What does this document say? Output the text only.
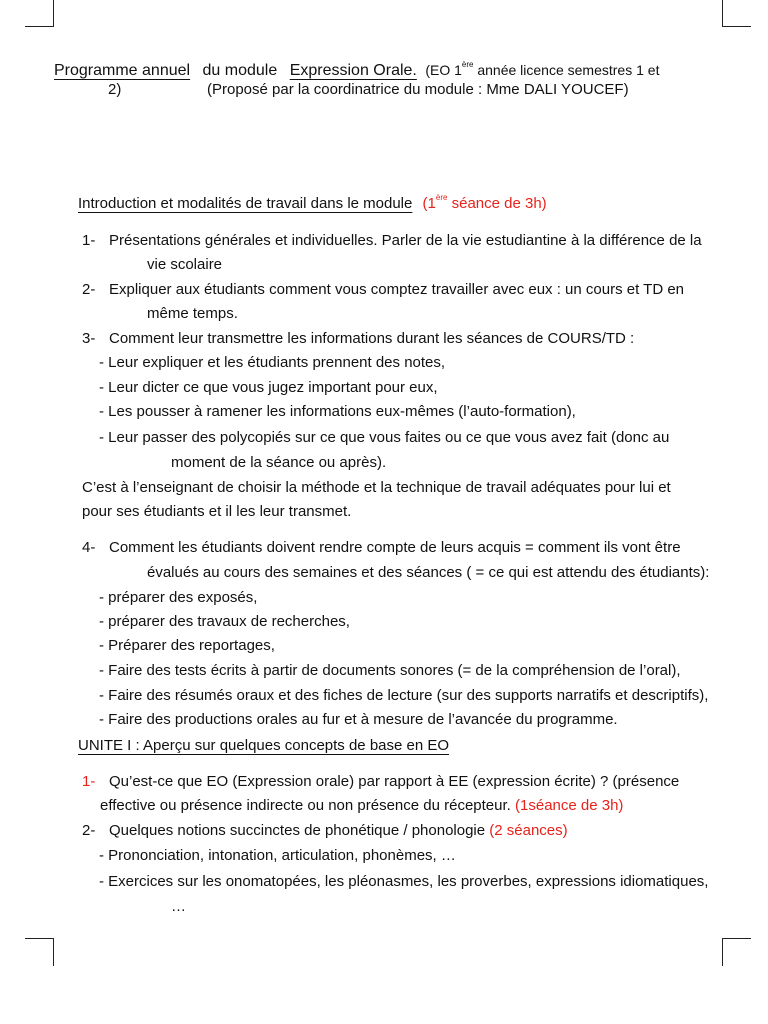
Programme annuel du module Expression Orale. (EO 1ère année licence semestres 1 et
2)	(Proposé par la coordinatrice du module : Mme DALI YOUCEF)
Introduction et modalités de travail dans le module (1ère séance de 3h)
1- Présentations générales et individuelles. Parler de la vie estudiantine à la différence de la
vie scolaire
2- Expliquer aux étudiants comment vous comptez travailler avec eux : un cours et TD en
même temps.
3- Comment leur transmettre les informations durant les séances de COURS/TD :
- Leur expliquer et les étudiants prennent des notes,
- Leur dicter ce que vous jugez important pour eux,
- Les pousser à ramener les informations eux-mêmes (l’auto-formation),
- Leur passer des polycopiés sur ce que vous faites ou ce que vous avez fait (donc au
moment de la séance ou après).
C’est à l’enseignant de choisir la méthode et la technique de travail adéquates pour lui et
pour ses étudiants et il les leur transmet.
4- Comment les étudiants doivent rendre compte de leurs acquis = comment ils vont être
évalués au cours des semaines et des séances ( = ce qui est attendu des étudiants):
- préparer des exposés,
- préparer des travaux de recherches,
- Préparer des reportages,
- Faire des tests écrits à partir de documents sonores (= de la compréhension de l’oral),
- Faire des résumés oraux et des fiches de lecture (sur des supports narratifs et descriptifs),
- Faire des productions orales au fur et à mesure de l’avancée du programme.
UNITE I : Aperçu sur quelques concepts de base en EO
1- Qu’est-ce que EO (Expression orale) par rapport à EE (expression écrite) ? (présence
effective ou présence indirecte ou non présence du récepteur. (1séance de 3h)
2- Quelques notions succinctes de phonétique / phonologie (2 séances)
- Prononciation, intonation, articulation, phonèmes, …
- Exercices sur les onomatopées, les pléonasmes, les proverbes, expressions idiomatiques,
…
